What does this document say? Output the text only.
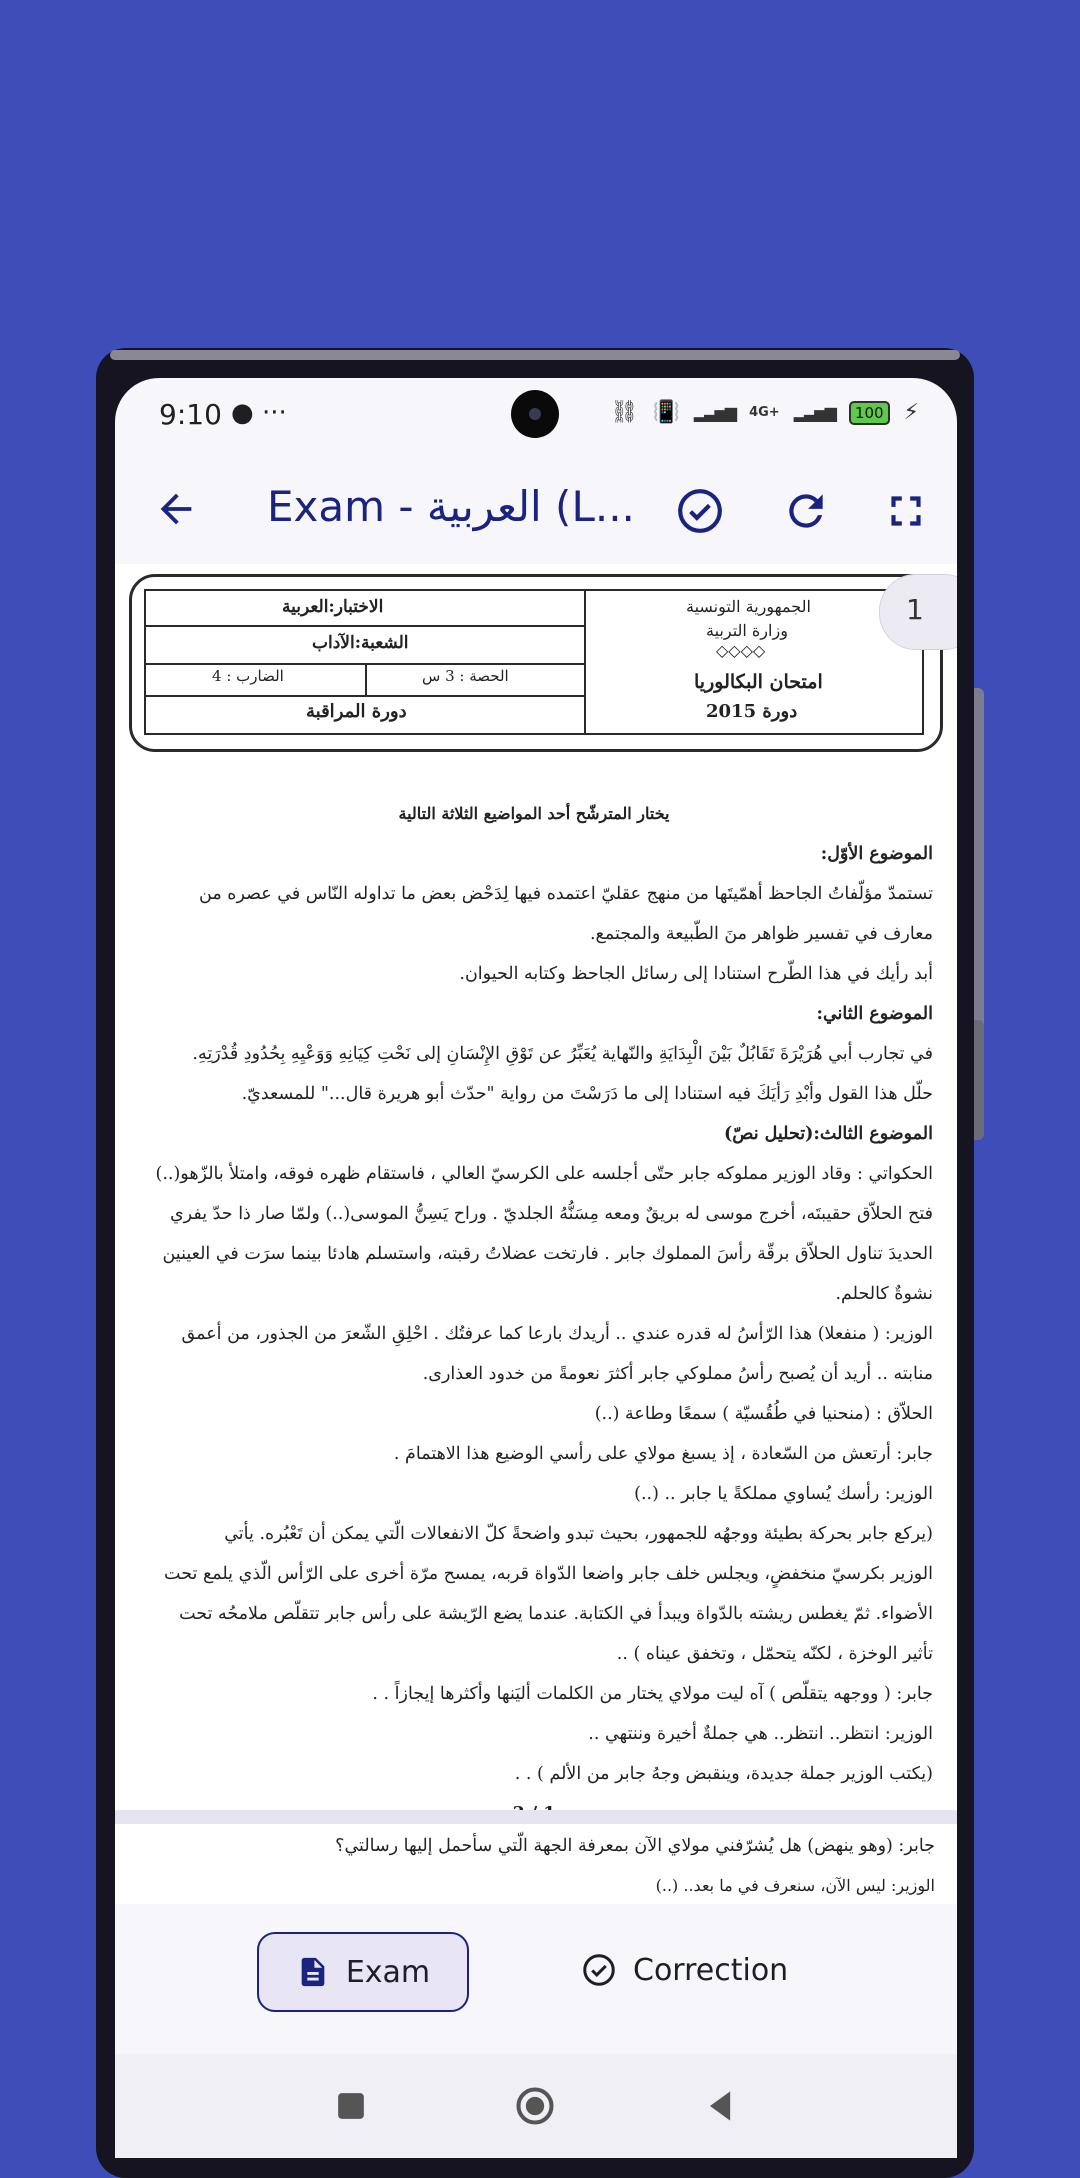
9:10 ● ···	⛓ 📳 ▂▃▅▆ 4G+ ▂▃▅▆	100 ⚡
Exam - العربية (L...
الاختبار:العربية
الشعبة:الآداب
الحصة : 3 س
الضارب : 4
دورة المراقبة
الجمهورية التونسية
وزارة التربية
◇◇◇◇
امتحان البكالوريا
دورة 2015
1

يختار المترشّح أحد المواضيع الثلاثة التالية

الموضوع الأوّل:

تستمدّ مؤلّفاتُ الجاحظ أهمّيتَها من منهج عقليّ اعتمده فيها لِدَحْض بعض ما تداوله النّاس في عصره من

معارف في تفسير ظواهر منَ الطّبيعة والمجتمع.

أبد رأيك في هذا الطّرح استنادا إلى رسائل الجاحظ وكتابه الحيوان.

الموضوع الثاني:

في تجارب أبي هُرَيْرَةَ تَقَابُلٌ بَيْنَ الْبِدَايَةِ والنّهاية يُعَبِّرُ عن تَوْقِ الإِنْسَانِ إلى نَحْتِ كِيَانِهِ وَوَعْيِهِ بِحُدُودِ قُدْرَتِهِ.

حلّل هذا القول وأبْدِ رَأيَكَ فيه استنادا إلى ما دَرَسْتَ من رواية "حدّث أبو هريرة قال..." للمسعديّ.

الموضوع الثالث:(تحليل نصّ)

الحكواتي : وقاد الوزير مملوكه جابر حتّى أجلسه على الكرسيّ العالي ، فاستقام ظهره فوقه، وامتلأ بالزّهو(..)

فتح الحلاّق حقيبتَه، أخرج موسى له بريقٌ ومعه مِسَنُّهُ الجلديّ . وراح يَسِنُّ الموسى(..) ولمّا صار ذا حدّ يفري

الحديدَ تناول الحلاّق برقّة رأسَ المملوك جابر . فارتخت عضلاتُ رقبته، واستسلم هادئا بينما سرَت في العينين

نشوةٌ كالحلم.

الوزير: ( منفعلا) هذا الرّأسُ له قدره عندي .. أريدك بارعا كما عرفتُك . احْلِقِ الشّعرَ من الجذور، من أعمق

منابته .. أريد أن يُصبح رأسُ مملوكي جابر أكثرَ نعومةً من خدود العذارى.

الحلاّق : (منحنيا في طُقُسيّة ) سمعًا وطاعة (..)

جابر: أرتعش من السّعادة ، إذ يسبغ مولاي على رأسي الوضيع هذا الاهتمامَ .

الوزير: رأسك يُساوي مملكةً يا جابر .. (..)

(يركع جابر بحركة بطيئة ووجهُه للجمهور، بحيث تبدو واضحةً كلّ الانفعالات الّتي يمكن أن تَعْبُره. يأتي

الوزير بكرسيّ منخفضٍ، ويجلس خلف جابر واضعا الدّواة قربه، يمسح مرّة أخرى على الرّأس الّذي يلمع تحت

الأضواء. ثمّ يغطس ريشته بالدّواة ويبدأ في الكتابة. عندما يضع الرّيشة على رأس جابر تتقلّص ملامحُه تحت

تأثير الوخزة ، لكنّه يتحمّل ، وتخفق عيناه ) ..

جابر: ( ووجهه يتقلّص ) آه ليت مولاي يختار من الكلمات أليَنها وأكثرها إيجازاً . .

الوزير: انتظر.. انتظر.. هي جملةٌ أخيرة وننتهي ..

(يكتب الوزير جملة جديدة، وينقبض وجهُ جابر من الألم ) . .

جابر: (وهو ينهض) هل يُشرّفني مولاي الآن بمعرفة الجهة الّتي سأحمل إليها رسالتي؟

الوزير: ليس الآن، سنعرف في ما بعد.. (..)

Exam	Correction
